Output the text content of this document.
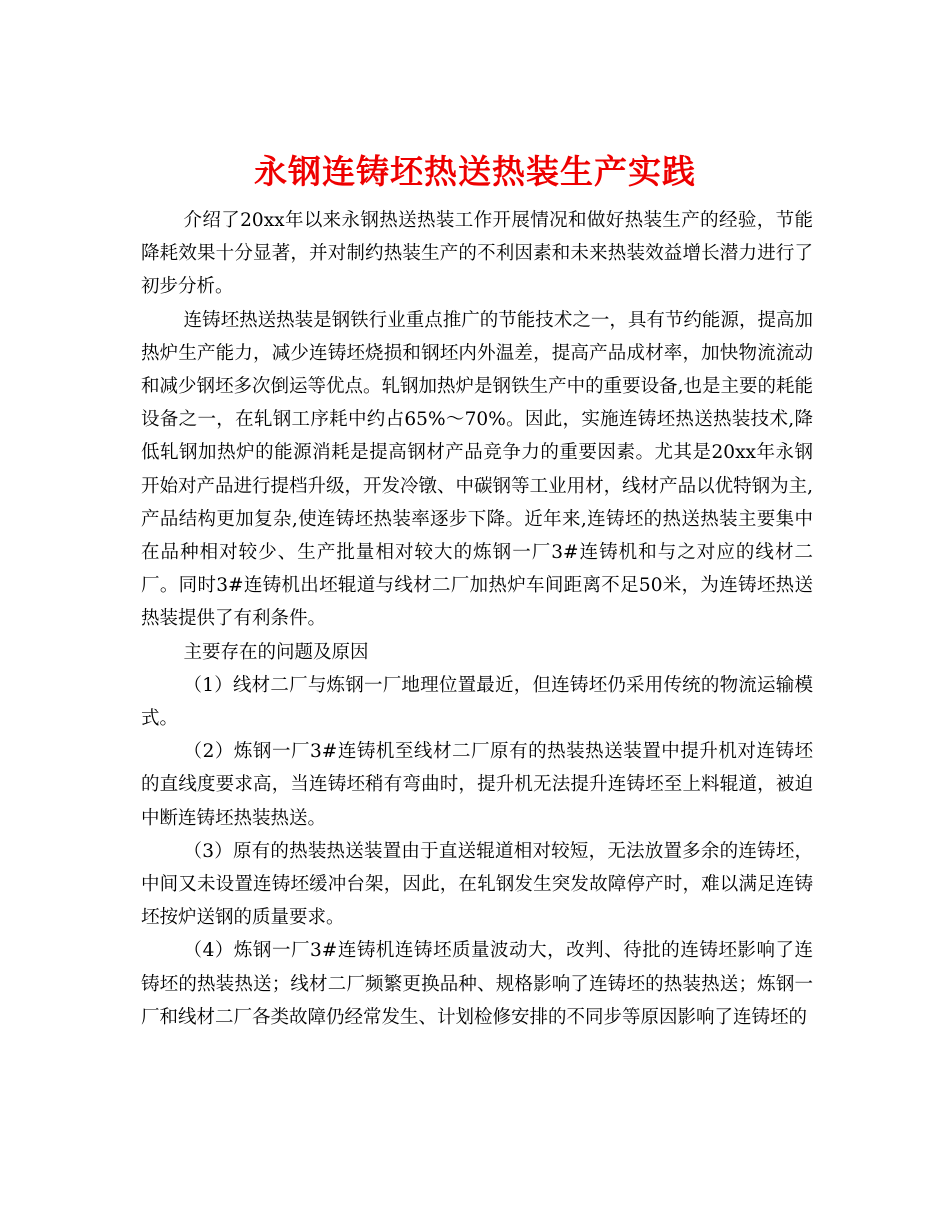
永钢连铸坯热送热装生产实践

介绍了20xx年以来永钢热送热装工作开展情况和做好热装生产的经验，节能降耗效果十分显著，并对制约热装生产的不利因素和未来热装效益增长潜力进行了初步分析。

连铸坯热送热装是钢铁行业重点推广的节能技术之一，具有节约能源，提高加热炉生产能力，减少连铸坯烧损和钢坯内外温差，提高产品成材率，加快物流流动和减少钢坯多次倒运等优点。轧钢加热炉是钢铁生产中的重要设备,也是主要的耗能设备之一，在轧钢工序耗中约占65%～70%。因此，实施连铸坯热送热装技术,降低轧钢加热炉的能源消耗是提高钢材产品竞争力的重要因素。尤其是20xx年永钢开始对产品进行提档升级，开发冷镦、中碳钢等工业用材，线材产品以优特钢为主,产品结构更加复杂,使连铸坯热装率逐步下降。近年来,连铸坯的热送热装主要集中在品种相对较少、生产批量相对较大的炼钢一厂3#连铸机和与之对应的线材二厂。同时3#连铸机出坯辊道与线材二厂加热炉车间距离不足50米，为连铸坯热送热装提供了有利条件。

主要存在的问题及原因

（1）线材二厂与炼钢一厂地理位置最近，但连铸坯仍采用传统的物流运输模式。

（2）炼钢一厂3#连铸机至线材二厂原有的热装热送装置中提升机对连铸坯的直线度要求高，当连铸坯稍有弯曲时，提升机无法提升连铸坯至上料辊道，被迫中断连铸坯热装热送。

（3）原有的热装热送装置由于直送辊道相对较短，无法放置多余的连铸坯，中间又未设置连铸坯缓冲台架，因此，在轧钢发生突发故障停产时，难以满足连铸坯按炉送钢的质量要求。

（4）炼钢一厂3#连铸机连铸坯质量波动大，改判、待批的连铸坯影响了连铸坯的热装热送；线材二厂频繁更换品种、规格影响了连铸坯的热装热送；炼钢一厂和线材二厂各类故障仍经常发生、计划检修安排的不同步等原因影响了连铸坯的
